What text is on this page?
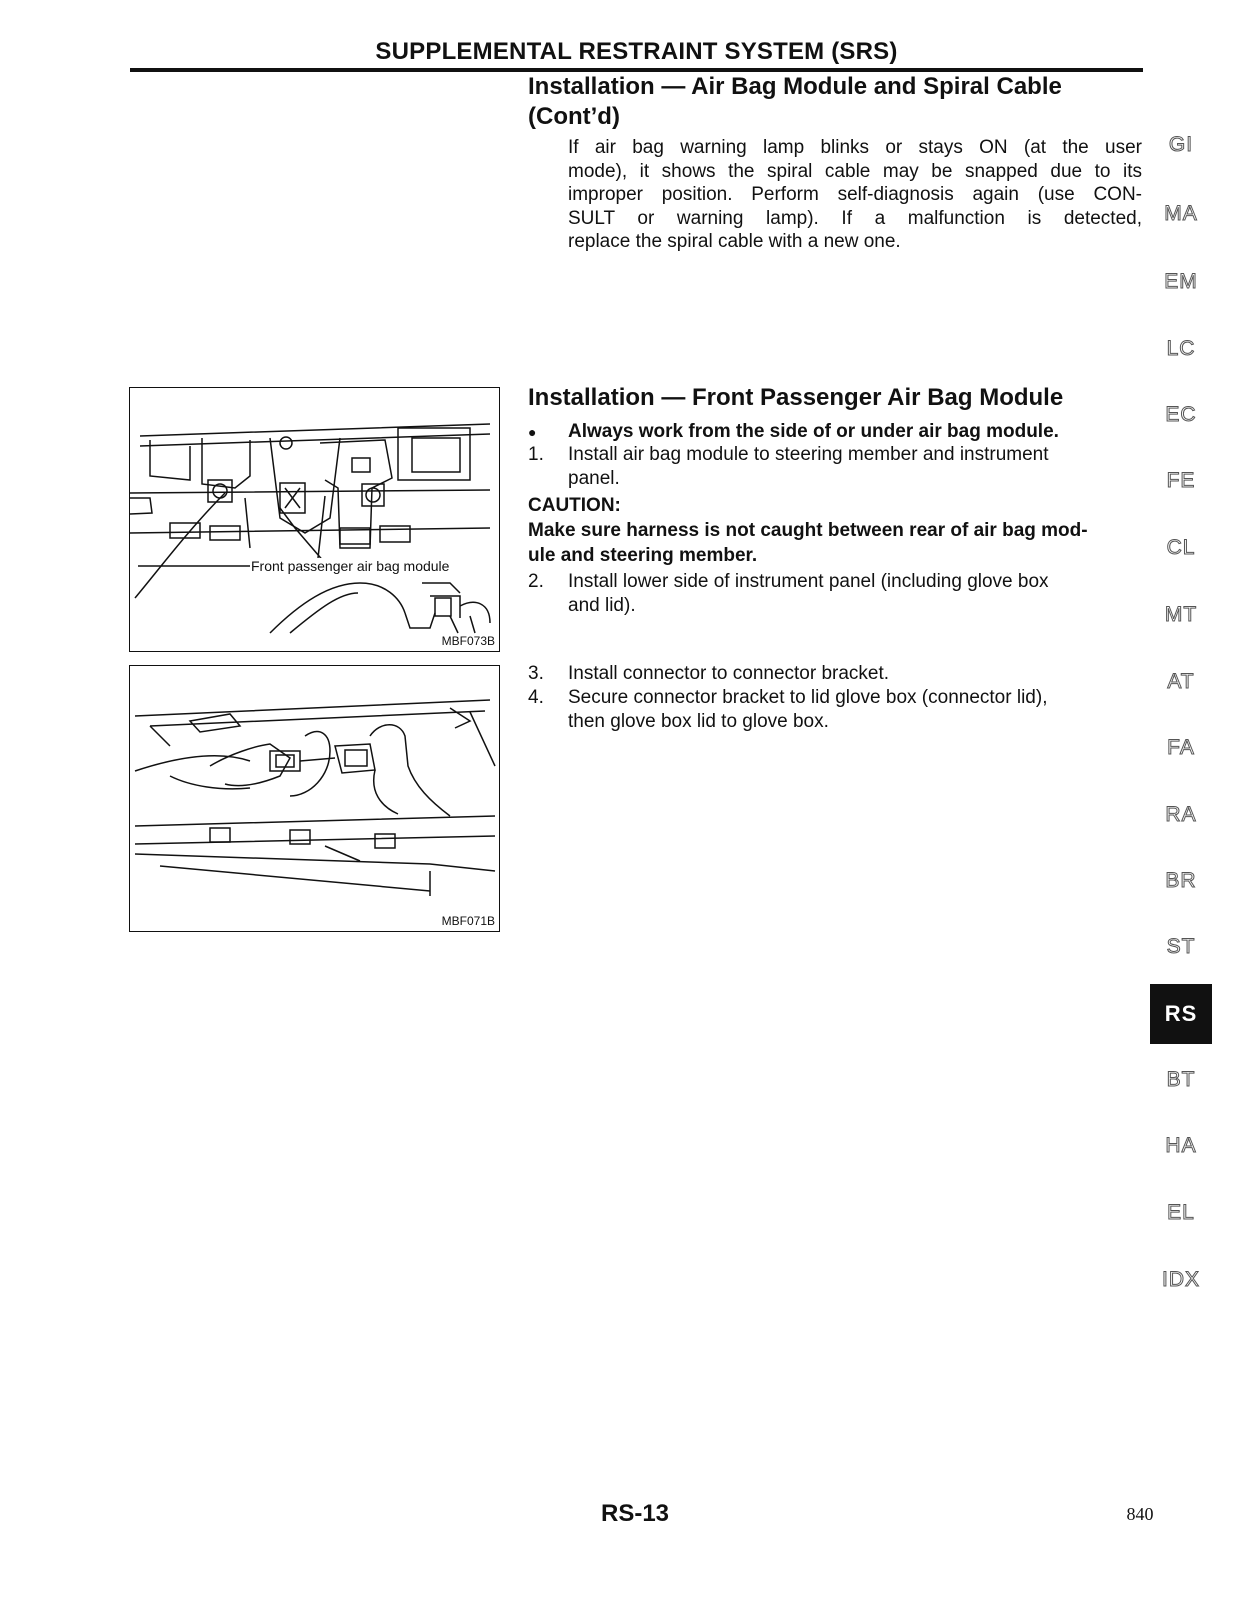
SUPPLEMENTAL RESTRAINT SYSTEM (SRS)
Installation — Air Bag Module and Spiral Cable
(Cont’d)
If air bag warning lamp blinks or stays ON (at the user
mode), it shows the spiral cable may be snapped due to its
improper position. Perform self-diagnosis again (use CON-
SULT or warning lamp). If a malfunction is detected,
replace the spiral cable with a new one.
Installation — Front Passenger Air Bag Module
● Always work from the side of or under air bag module.
1. Install air bag module to steering member and instrument
panel.
CAUTION:
Make sure harness is not caught between rear of air bag mod-
ule and steering member.
2. Install lower side of instrument panel (including glove box
and lid).
3. Install connector to connector bracket.
4. Secure connector bracket to lid glove box (connector lid),
then glove box lid to glove box.
Front passenger air bag module
MBF073B
MBF071B
GI
MA
EM
LC
EC
FE
CL
MT
AT
FA
RA
BR
ST
RS
BT
HA
EL
IDX
RS-13	840
